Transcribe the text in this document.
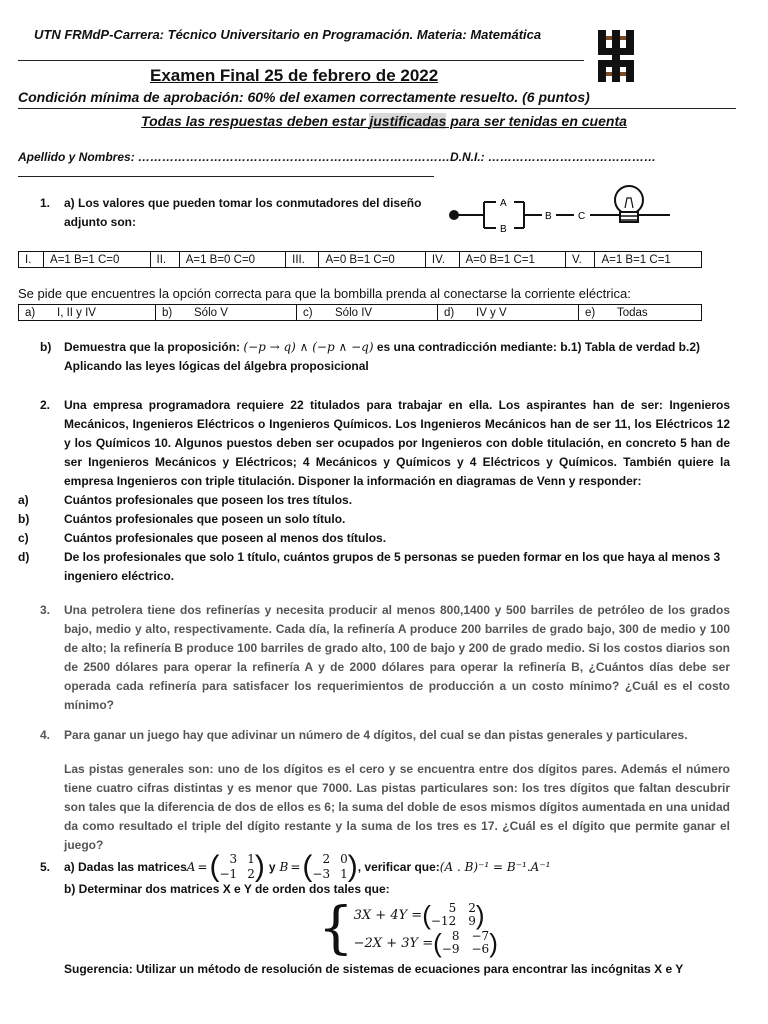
UTN FRMdP-Carrera: Técnico Universitario en Programación. Materia: Matemática
Examen Final 25 de febrero de 2022
Condición mínima de aprobación: 60% del examen correctamente resuelto. (6 puntos)
Todas las respuestas deben estar justificadas para ser tenidas en cuenta
Apellido y Nombres: ……………………………………………………………………D.N.I.: ……………………………………
1. a) Los valores que pueden tomar los conmutadores del diseño adjunto son:
A
B
B	C
I.	A=1 B=1 C=0	II.	A=1 B=0 C=0	III.	A=0 B=1 C=0	IV.	A=0 B=1 C=1	V.	A=1 B=1 C=1
Se pide que encuentres la opción correcta para que la bombilla prenda al conectarse la corriente eléctrica:
a)	I, II y IV	b)	Sólo V	c)	Sólo IV	d)	IV y V	e)	Todas
b) Demuestra que la proposición: (−p → q) ∧ (−p ∧ −q) es una contradicción mediante: b.1) Tabla de verdad b.2) Aplicando las leyes lógicas del álgebra proposicional
2. Una empresa programadora requiere 22 titulados para trabajar en ella. Los aspirantes han de ser: Ingenieros Mecánicos, Ingenieros Eléctricos o Ingenieros Químicos. Los Ingenieros Mecánicos han de ser 11, los Eléctricos 12 y los Químicos 10. Algunos puestos deben ser ocupados por Ingenieros con doble titulación, en concreto 5 han de ser Ingenieros Mecánicos y Eléctricos; 4 Mecánicos y Químicos y 4 Eléctricos y Químicos. También quiere la empresa Ingenieros con triple titulación. Disponer la información en diagramas de Venn y responder:
a)	Cuántos profesionales que poseen los tres títulos.
b)	Cuántos profesionales que poseen un solo título.
c)	Cuántos profesionales que poseen al menos dos títulos.
d)	De los profesionales que solo 1 título, cuántos grupos de 5 personas se pueden formar en los que haya al menos 3 ingeniero eléctrico.
3. Una petrolera tiene dos refinerías y necesita producir al menos 800,1400 y 500 barriles de petróleo de los grados bajo, medio y alto, respectivamente. Cada día, la refinería A produce 200 barriles de grado bajo, 300 de medio y 100 de alto; la refinería B produce 100 barriles de grado alto, 100 de bajo y 200 de grado medio. Si los costos diarios son de 2500 dólares para operar la refinería A y de 2000 dólares para operar la refinería B, ¿Cuántos días debe ser operada cada refinería para satisfacer los requerimientos de producción a un costo mínimo? ¿Cuál es el costo mínimo?
4. Para ganar un juego hay que adivinar un número de 4 dígitos, del cual se dan pistas generales y particulares.
Las pistas generales son: uno de los dígitos es el cero y se encuentra entre dos dígitos pares. Además el número tiene cuatro cifras distintas y es menor que 7000. Las pistas particulares son: los tres dígitos que faltan descubrir son tales que la diferencia de dos de ellos es 6; la suma del doble de esos mismos dígitos aumentada en una unidad da como resultado el triple del dígito restante y la suma de los tres es 17. ¿Cuál es el dígito que permite ganar el juego?
5. a) Dadas las matrices A = ( 3 1
−1 2 ) y B = ( 2 0
−3 1 ) , verificar que: (A . B)⁻¹ = B⁻¹.A⁻¹
b) Determinar dos matrices X e Y de orden dos tales que:
{ 3X + 4Y = (	5 2
−12 9 )
−2X + 3Y = ( 8 −7
−9 −6 )
Sugerencia: Utilizar un método de resolución de sistemas de ecuaciones para encontrar las incógnitas X e Y
